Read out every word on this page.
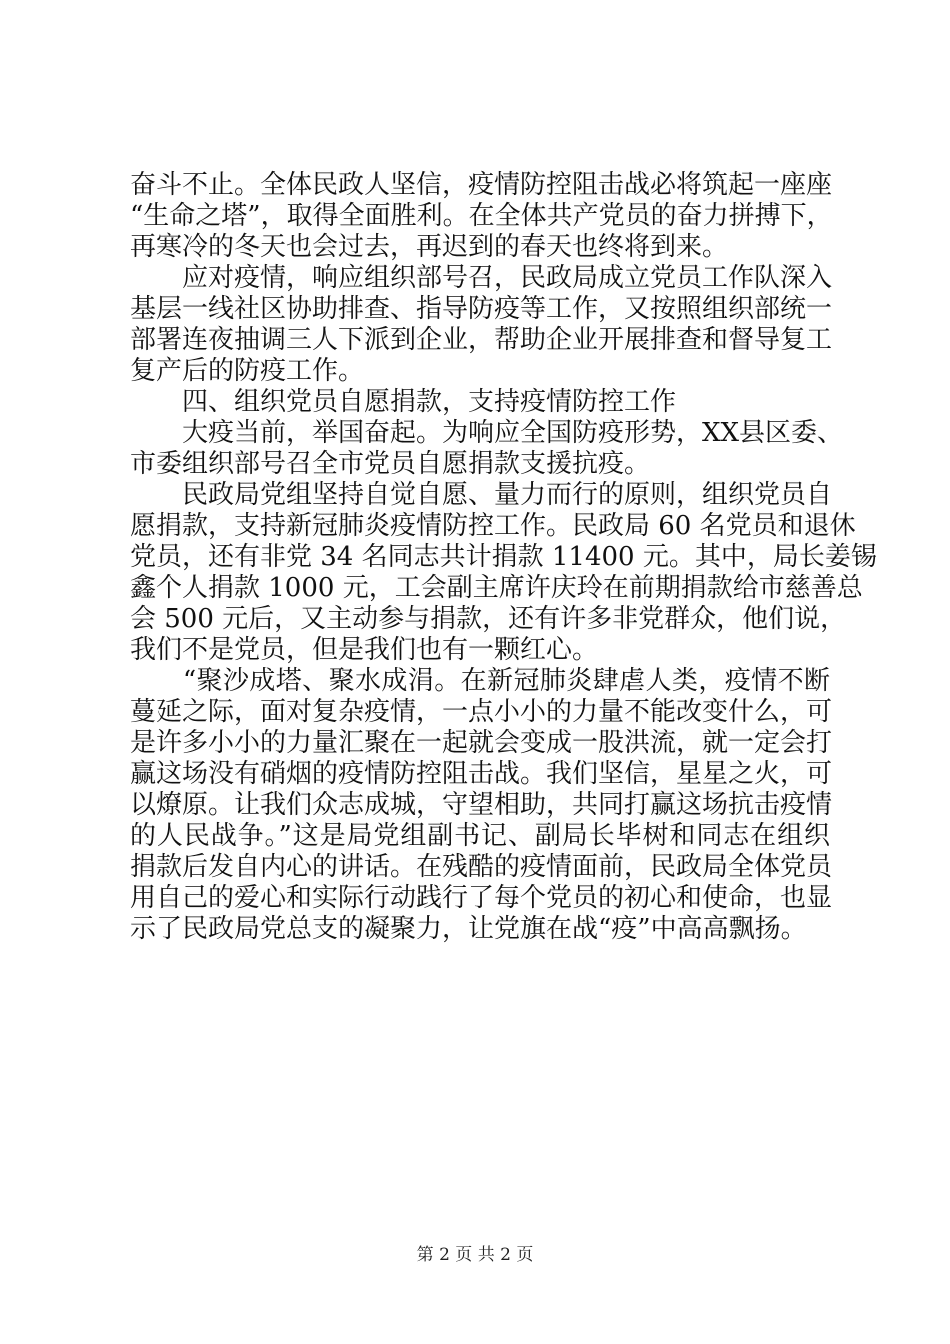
奋斗不止。全体民政人坚信，疫情防控阻击战必将筑起一座座
“生命之塔”，取得全面胜利。在全体共产党员的奋力拼搏下，
再寒冷的冬天也会过去，再迟到的春天也终将到来。
　　应对疫情，响应组织部号召，民政局成立党员工作队深入
基层一线社区协助排查、指导防疫等工作，又按照组织部统一
部署连夜抽调三人下派到企业，帮助企业开展排查和督导复工
复产后的防疫工作。
　　四、组织党员自愿捐款，支持疫情防控工作
　　大疫当前，举国奋起。为响应全国防疫形势，XX县区委、
市委组织部号召全市党员自愿捐款支援抗疫。
　　民政局党组坚持自觉自愿、量力而行的原则，组织党员自
愿捐款，支持新冠肺炎疫情防控工作。民政局 60 名党员和退休
党员，还有非党 34 名同志共计捐款 11400 元。其中，局长姜锡
鑫个人捐款 1000 元，工会副主席许庆玲在前期捐款给市慈善总
会 500 元后，又主动参与捐款，还有许多非党群众，他们说，
我们不是党员，但是我们也有一颗红心。
　　“聚沙成塔、聚水成涓。在新冠肺炎肆虐人类，疫情不断
蔓延之际，面对复杂疫情，一点小小的力量不能改变什么，可
是许多小小的力量汇聚在一起就会变成一股洪流，就一定会打
赢这场没有硝烟的疫情防控阻击战。我们坚信，星星之火，可
以燎原。让我们众志成城，守望相助，共同打赢这场抗击疫情
的人民战争。”这是局党组副书记、副局长毕树和同志在组织
捐款后发自内心的讲话。在残酷的疫情面前，民政局全体党员
用自己的爱心和实际行动践行了每个党员的初心和使命，也显
示了民政局党总支的凝聚力，让党旗在战“疫”中高高飘扬。
第 2 页 共 2 页
